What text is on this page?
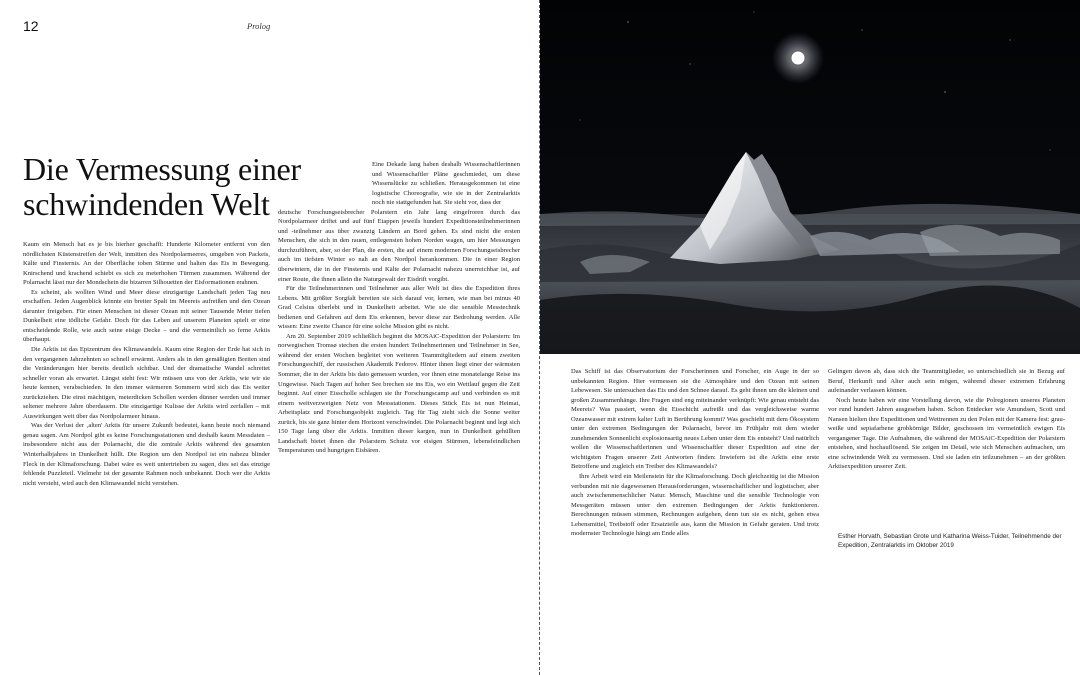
12	Prolog
Die Vermessung einer schwindenden Welt

Kaum ein Mensch hat es je bis hierher geschafft: Hunderte Kilometer entfernt von den nördlichsten Küstenstreifen der Welt, inmitten des Nordpolarmeeres, umgeben von Packeis, Kälte und Finsternis. An der Oberfläche toben Stürme und halten das Eis in Bewegung. Knirschend und krachend schiebt es sich zu meterhohen Türmen zusammen. Während der Polarnacht lässt nur der Mondschein die bizarren Silhouetten der Eisformationen erahnen.

Es scheint, als wollten Wind und Meer diese einzigartige Landschaft jeden Tag neu erschaffen. Jeden Augenblick könnte ein breiter Spalt im Meereis aufreißen und den Ozean darunter freigeben. Für einen Menschen ist dieser Ozean mit seiner Tausende Meter tiefen Dunkelheit eine tödliche Gefahr. Doch für das Leben auf unserem Planeten spielt er eine entscheidende Rolle, wie auch seine eisige Decke – und die vermeintlich so ferne Arktis überhaupt.

Die Arktis ist das Epizentrum des Klimawandels. Kaum eine Region der Erde hat sich in den vergangenen Jahrzehnten so schnell erwärmt. Anders als in den gemäßigten Breiten sind die Veränderungen hier bereits deutlich sichtbar. Und der dramatische Wandel schreitet schneller voran als erwartet. Längst steht fest: Wir müssen uns von der Arktis, wie wir sie heute kennen, verabschieden. In den immer wärmeren Sommern wird sich das Eis weiter zurückziehen. Die einst mächtigen, meterdicken Schollen werden dünner werden und immer seltener mehrere Jahre überdauern. Die einzigartige Kulisse der Arktis wird zerfallen – mit Auswirkungen weit über das Nordpolarmeer hinaus.

Was der Verlust der ‚alten' Arktis für unsere Zukunft bedeutet, kann heute noch niemand genau sagen. Am Nordpol gibt es keine Forschungsstationen und deshalb kaum Messdaten – insbesondere nicht aus der Polarnacht, die die zentrale Arktis während des gesamten Winterhalbjahres in Dunkelheit hüllt. Die Region um den Nordpol ist ein nahezu blinder Fleck in der Klimaforschung. Dabei wäre es weit untertrieben zu sagen, dies sei das einzige fehlende Puzzleteil. Vielmehr ist der gesamte Rahmen noch unbekannt. Doch wer die Arktis nicht versteht, wird auch den Klimawandel nicht verstehen.

Eine Dekade lang haben deshalb Wissenschaftlerinnen und Wissenschaftler Pläne geschmiedet, um diese Wissenslücke zu schließen. Herausgekommen ist eine logistische Choreografie, wie sie in der Zentralarktis noch nie stattgefunden hat. Sie sieht vor, dass der

deutsche Forschungseisbrecher Polarstern ein Jahr lang eingefroren durch das Nordpolarmeer driftet und auf fünf Etappen jeweils hundert Expeditionsteilnehmerinnen und -teilnehmer aus über zwanzig Ländern an Bord gehen. Es sind nicht die ersten Menschen, die sich in den rauen, entlegensten hohen Norden wagen, um hier Messungen durchzuführen, aber, so der Plan, die ersten, die auf einem modernen Forschungseisbrecher auch im tiefsten Winter so nah an den Nordpol herankommen. Die in einer Region überwintern, die in der Finsternis und Kälte der Polarnacht nahezu unerreichbar ist, auf einer Route, die ihnen allein die Naturgewalt der Eisdrift vorgibt.

Für die Teilnehmerinnen und Teilnehmer aus aller Welt ist dies die Expedition ihres Lebens. Mit größter Sorgfalt bereiten sie sich darauf vor, lernen, wie man bei minus 40 Grad Celsius überlebt und in Dunkelheit arbeitet. Wie sie die sensible Messtechnik bedienen und Gefahren auf dem Eis erkennen, bevor diese zur Bedrohung werden. Alle wissen: Eine zweite Chance für eine solche Mission gibt es nicht.

Am 20. September 2019 schließlich beginnt die MOSAiC-Expedition der Polarstern: Im norwegischen Tromsø stechen die ersten hundert Teilnehmerinnen und Teilnehmer in See, während der ersten Wochen begleitet von weiteren Teammitgliedern auf einem zweiten Forschungsschiff, der russischen Akademik Fedorov. Hinter ihnen liegt einer der wärmsten Sommer, die in der Arktis bis dato gemessen wurden, vor ihnen eine monatelange Reise ins Ungewisse. Nach Tagen auf hoher See brechen sie ins Eis, wo ein Wettlauf gegen die Zeit beginnt. Auf einer Eisscholle schlagen sie ihr Forschungscamp auf und verbinden es mit einem weitverzweigten Netz von Messstationen. Dieses Stück Eis ist nun Heimat, Arbeitsplatz und Forschungsobjekt zugleich. Tag für Tag zieht sich die Sonne weiter zurück, bis sie ganz hinter dem Horizont verschwindet. Die Polarnacht beginnt und legt sich 150 Tage lang über die Arktis. Inmitten dieser kargen, nun in Dunkelheit gehüllten Landschaft bietet ihnen die Polarstern Schutz vor eisigen Stürmen, lebensfeindlichen Temperaturen und hungrigen Eisbären.

Das Schiff ist das Observatorium der Forscherinnen und Forscher, ein Auge in der so unbekannten Region. Hier vermessen sie die Atmosphäre und den Ozean mit seinen Lebewesen. Sie untersuchen das Eis und den Schnee darauf. Es geht ihnen um die kleinen und großen Zusammenhänge. Ihre Fragen sind eng miteinander verknüpft: Wie genau entsteht das Meereis? Was passiert, wenn die Eisschicht aufreißt und das vergleichsweise warme Ozeanwasser mit extrem kalter Luft in Berührung kommt? Was geschieht mit dem Ökosystem unter den extremen Bedingungen der Polarnacht, bevor im Frühjahr mit dem wieder zunehmenden Sonnenlicht explosionsartig neues Leben unter dem Eis entsteht? Und natürlich wollen die Wissenschaftlerinnen und Wissenschaftler dieser Expedition auf eine der wichtigsten Fragen unserer Zeit Antworten finden: Inwiefern ist die Arktis eine erste Betroffene und zugleich ein Treiber des Klimawandels?

Ihre Arbeit wird ein Meilenstein für die Klimaforschung. Doch gleichzeitig ist die Mission verbunden mit nie dagewesenen Herausforderungen, wissenschaftlicher und logistischer, aber auch zwischenmenschlicher Natur. Mensch, Maschine und die sensible Technologie von Messgeräten müssen unter den extremen Bedingungen der Arktis funktionieren. Berechnungen müssen stimmen, Rechnungen aufgehen, denn tun sie es nicht, gehen etwa Lebensmittel, Treibstoff oder Ersatzteile aus, kann die Mission in Gefahr geraten. Und trotz modernster Technologie hängt am Ende alles

Gelingen davon ab, dass sich die Teammitglieder, so unterschiedlich sie in Bezug auf Beruf, Herkunft und Alter auch sein mögen, während dieser extremen Erfahrung aufeinander verlassen können.

Noch heute haben wir eine Vorstellung davon, wie die Polregionen unseres Planeten vor rund hundert Jahren ausgesehen haben. Schon Entdecker wie Amundsen, Scott und Nansen hielten ihre Expeditionen und Wettrennen zu den Polen mit der Kamera fest: grau-weiße und sepiafarbene grobkörnige Bilder, geschossen im vermeintlich ewigen Eis vergangener Tage. Die Aufnahmen, die während der MOSAiC-Expedition der Polarstern entstehen, sind hochauflösend. Sie zeigen im Detail, wie sich Menschen aufmachen, um eine schwindende Welt zu vermessen. Und sie laden ein teilzunehmen – an der größten Arktisexpedition unserer Zeit.

Esther Horvath, Sebastian Grote und Katharina Weiss-Tuider, Teilnehmende der Expedition, Zentralarktis im Oktober 2019
